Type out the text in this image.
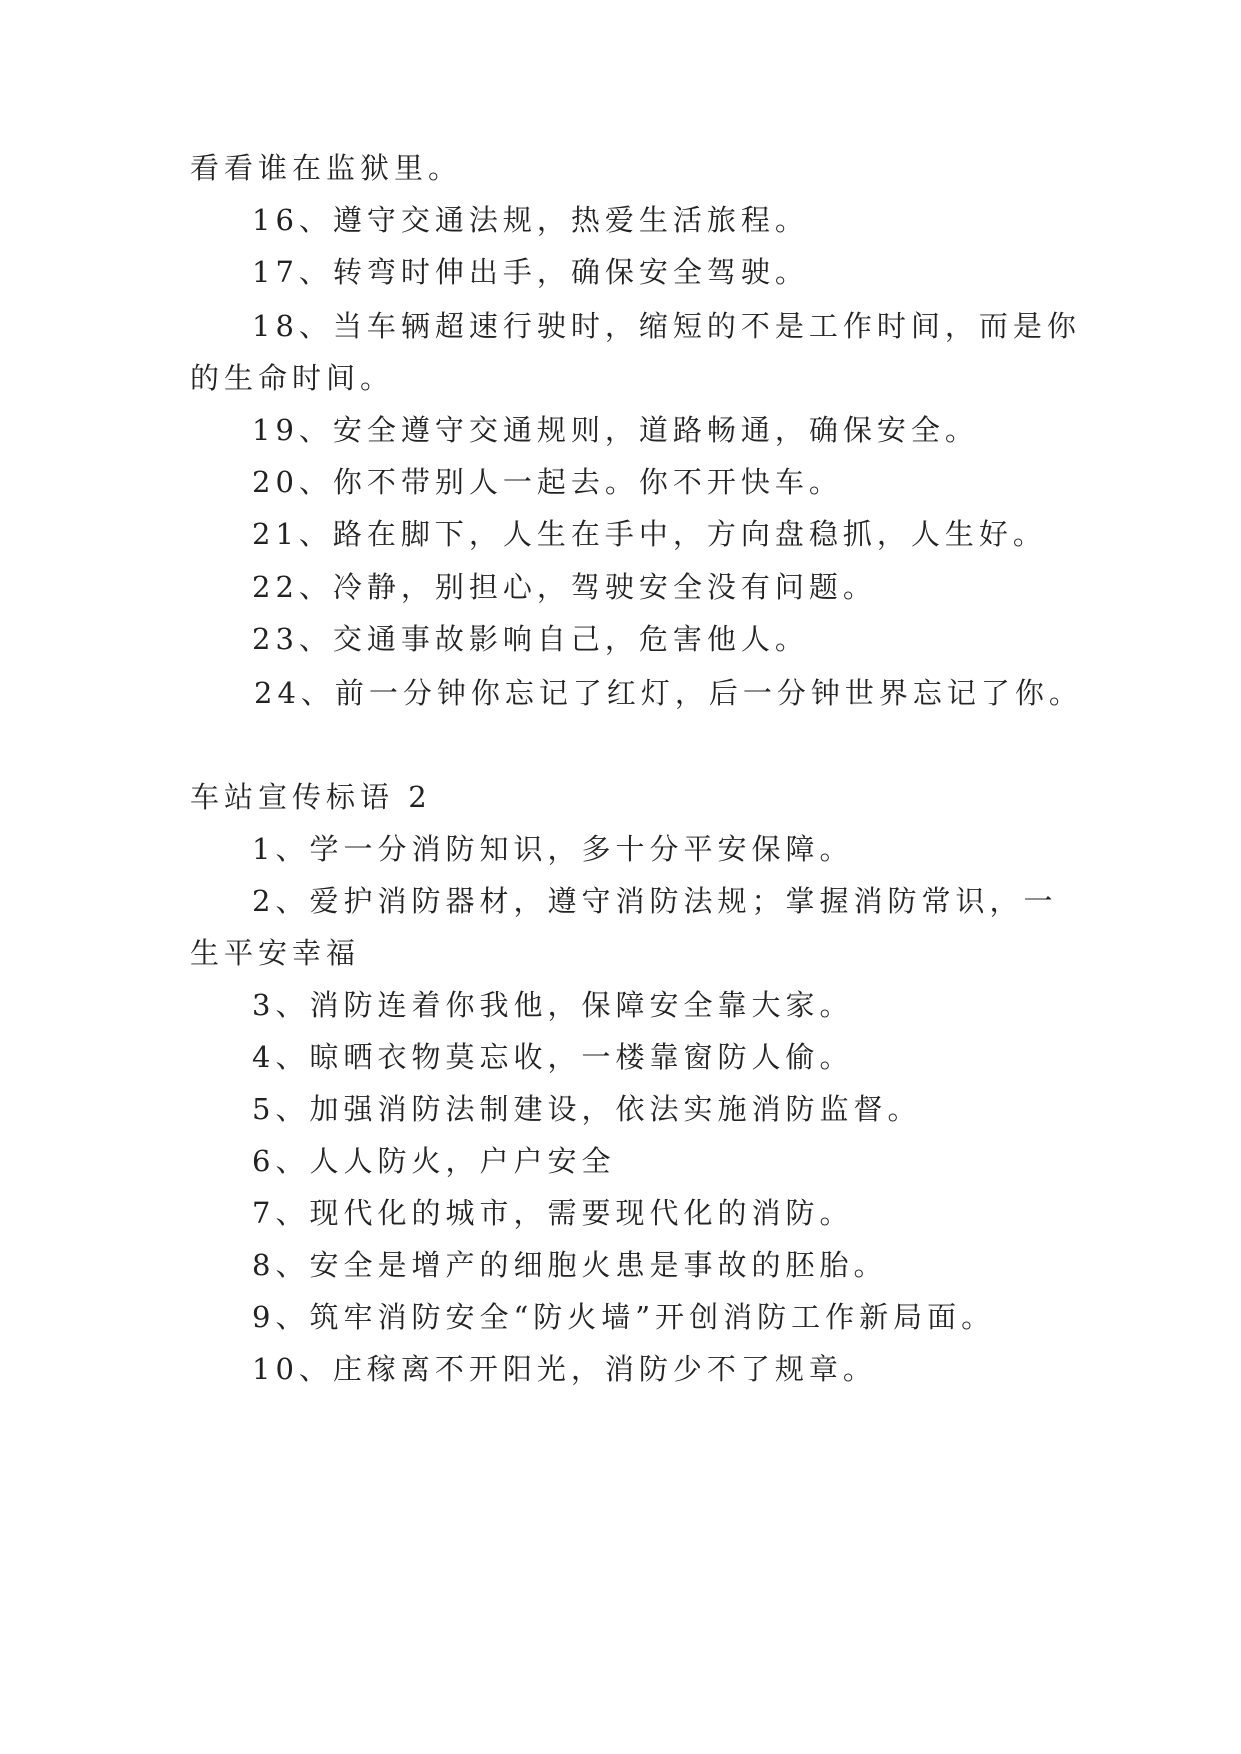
看看谁在监狱里。
16、遵守交通法规，热爱生活旅程。
17、转弯时伸出手，确保安全驾驶。
18、当车辆超速行驶时，缩短的不是工作时间，而是你
的生命时间。
19、安全遵守交通规则，道路畅通，确保安全。
20、你不带别人一起去。你不开快车。
21、路在脚下，人生在手中，方向盘稳抓，人生好。
22、冷静，别担心，驾驶安全没有问题。
23、交通事故影响自己，危害他人。
24、前一分钟你忘记了红灯，后一分钟世界忘记了你。
车站宣传标语 2
1、学一分消防知识，多十分平安保障。
2、爱护消防器材，遵守消防法规；掌握消防常识，一
生平安幸福
3、消防连着你我他，保障安全靠大家。
4、晾晒衣物莫忘收，一楼靠窗防人偷。
5、加强消防法制建设，依法实施消防监督。
6、人人防火，户户安全
7、现代化的城市，需要现代化的消防。
8、安全是增产的细胞火患是事故的胚胎。
9、筑牢消防安全“防火墙”开创消防工作新局面。
10、庄稼离不开阳光，消防少不了规章。
